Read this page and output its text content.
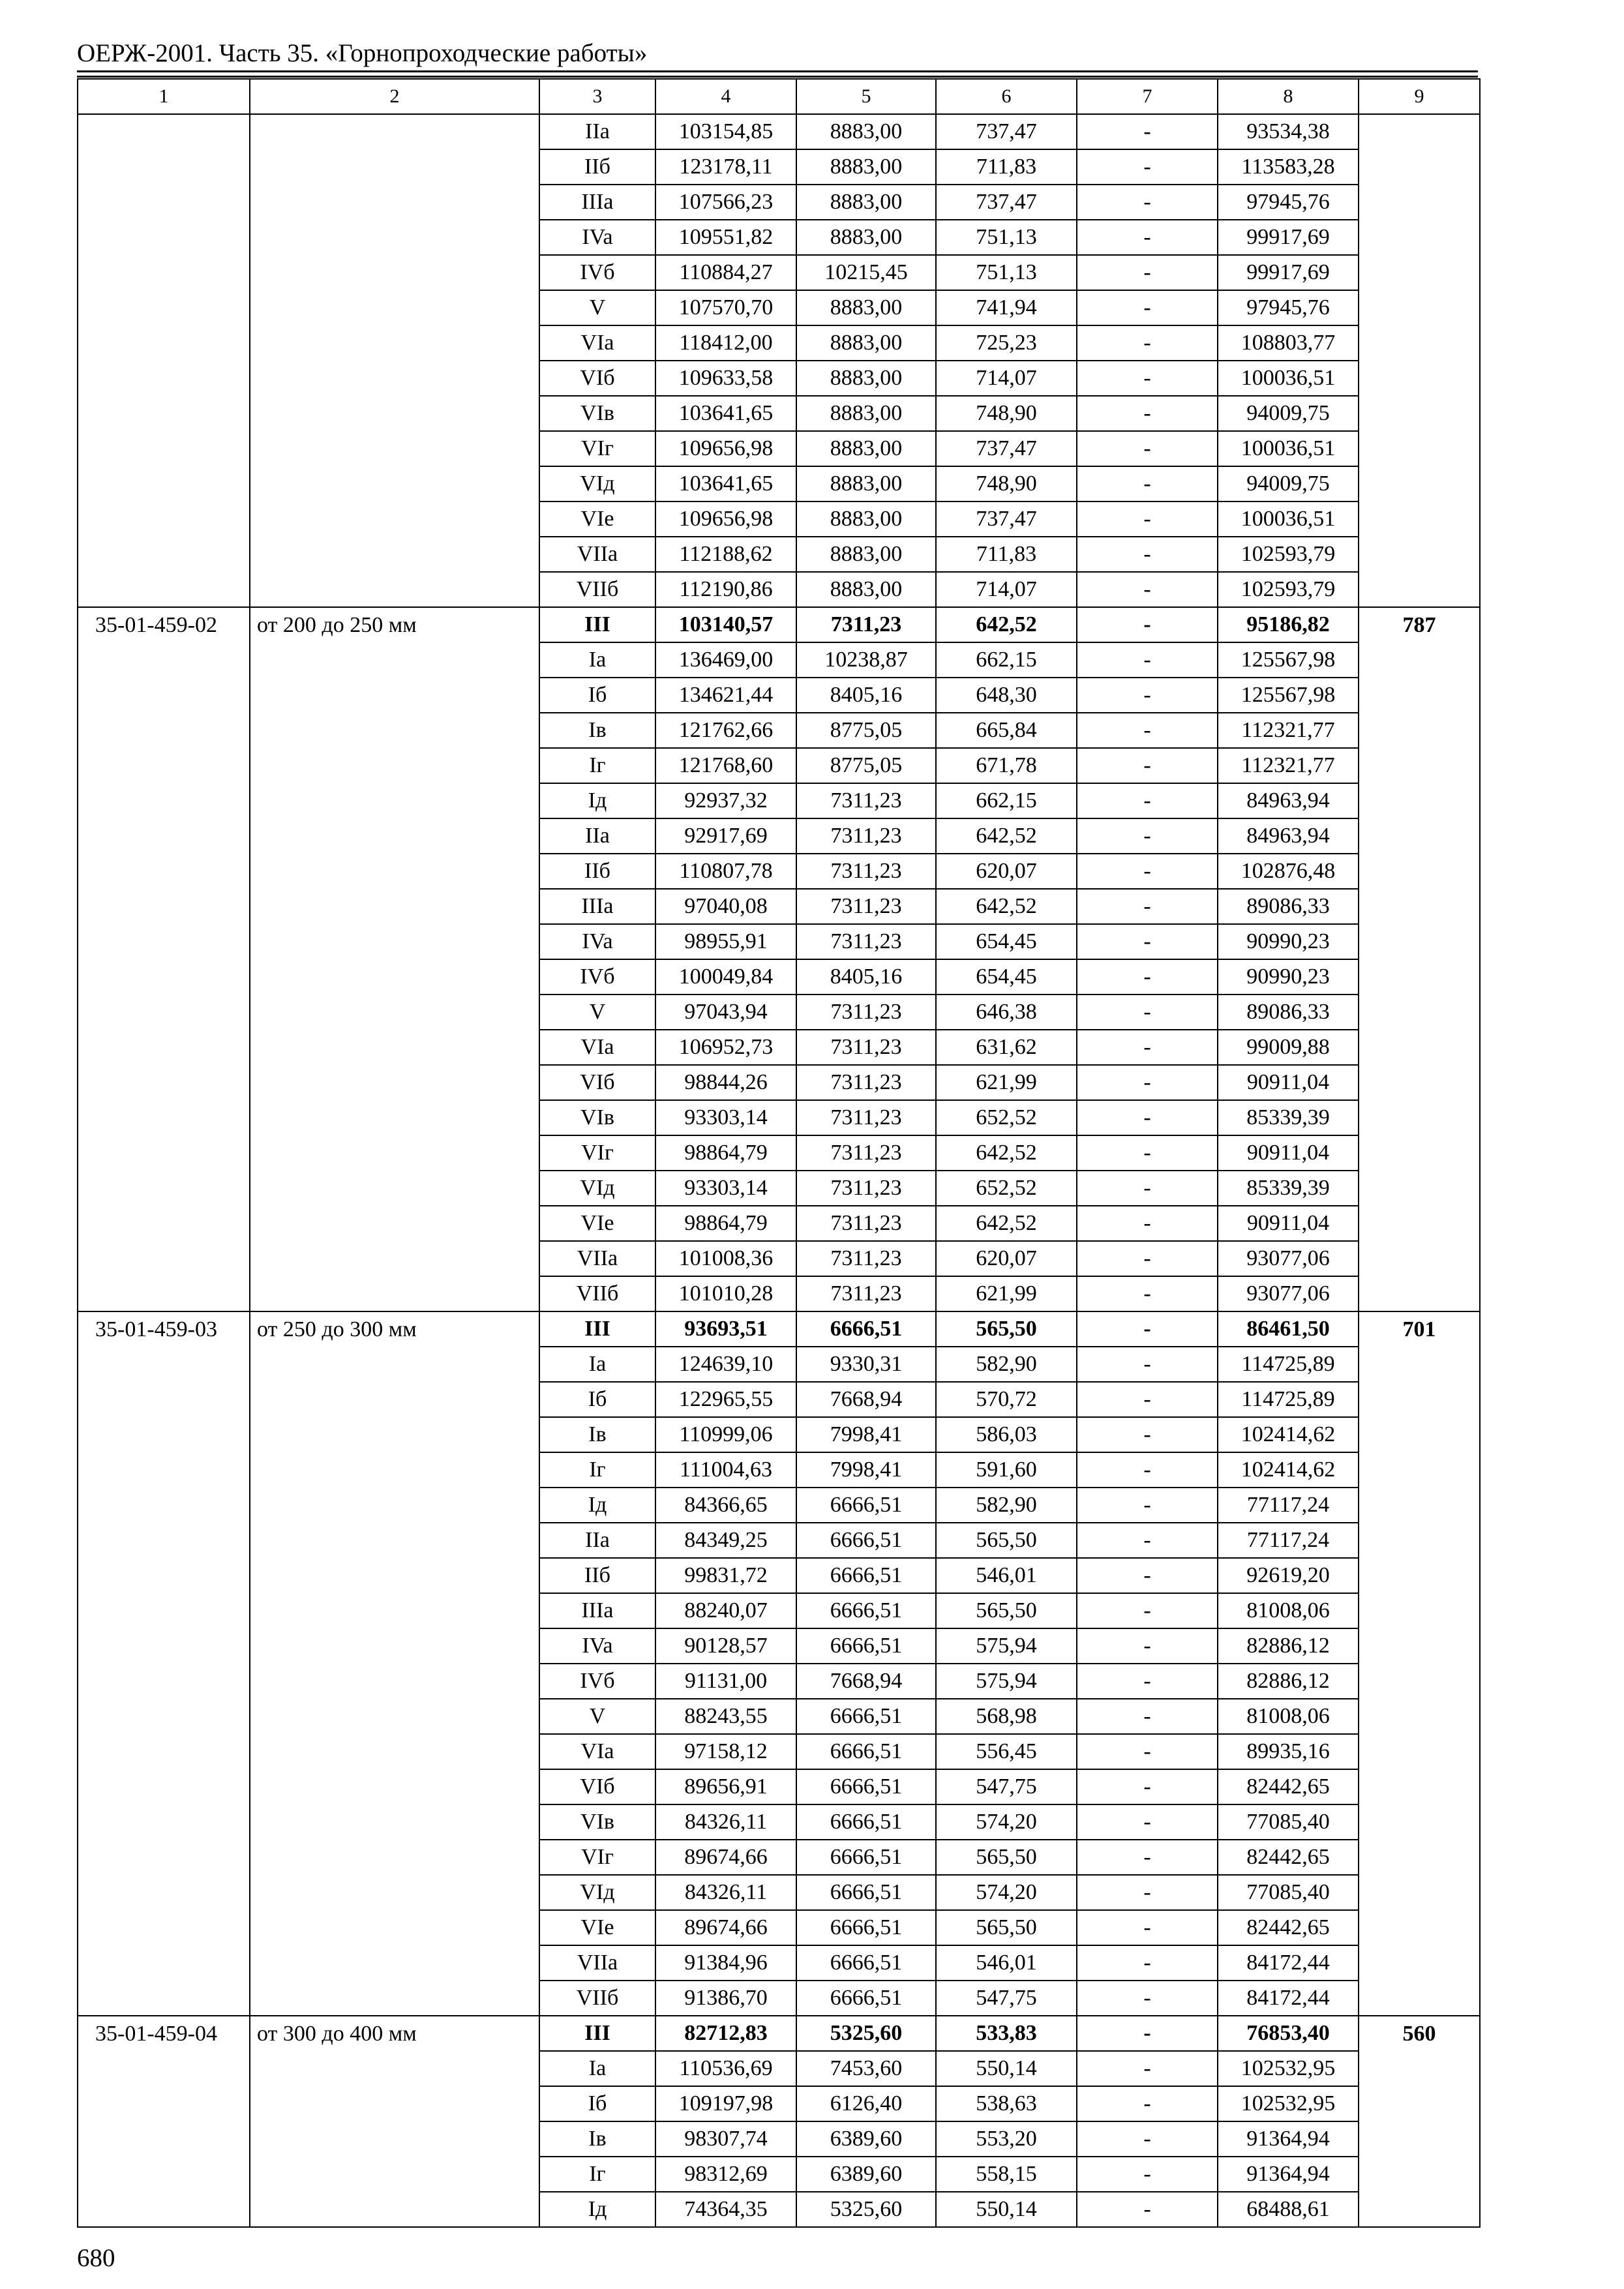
ОЕРЖ-2001. Часть 35. «Горнопроходческие работы»
1	2	3	4	5	6	7	8	9
		IIa	103154,85	8883,00	737,47	-	93534,38	
		IIб	123178,11	8883,00	711,83	-	113583,28	
		IIIa	107566,23	8883,00	737,47	-	97945,76	
		IVa	109551,82	8883,00	751,13	-	99917,69	
		IVб	110884,27	10215,45	751,13	-	99917,69	
		V	107570,70	8883,00	741,94	-	97945,76	
		VIa	118412,00	8883,00	725,23	-	108803,77	
		VIб	109633,58	8883,00	714,07	-	100036,51	
		VIв	103641,65	8883,00	748,90	-	94009,75	
		VIг	109656,98	8883,00	737,47	-	100036,51	
		VIд	103641,65	8883,00	748,90	-	94009,75	
		VIe	109656,98	8883,00	737,47	-	100036,51	
		VIIa	112188,62	8883,00	711,83	-	102593,79	
		VIIб	112190,86	8883,00	714,07	-	102593,79	
35-01-459-02	от 200 до 250 мм	III	103140,57	7311,23	642,52	-	95186,82	787
		Ia	136469,00	10238,87	662,15	-	125567,98	
		Iб	134621,44	8405,16	648,30	-	125567,98	
		Iв	121762,66	8775,05	665,84	-	112321,77	
		Iг	121768,60	8775,05	671,78	-	112321,77	
		Iд	92937,32	7311,23	662,15	-	84963,94	
		IIa	92917,69	7311,23	642,52	-	84963,94	
		IIб	110807,78	7311,23	620,07	-	102876,48	
		IIIa	97040,08	7311,23	642,52	-	89086,33	
		IVa	98955,91	7311,23	654,45	-	90990,23	
		IVб	100049,84	8405,16	654,45	-	90990,23	
		V	97043,94	7311,23	646,38	-	89086,33	
		VIa	106952,73	7311,23	631,62	-	99009,88	
		VIб	98844,26	7311,23	621,99	-	90911,04	
		VIв	93303,14	7311,23	652,52	-	85339,39	
		VIг	98864,79	7311,23	642,52	-	90911,04	
		VIд	93303,14	7311,23	652,52	-	85339,39	
		VIe	98864,79	7311,23	642,52	-	90911,04	
		VIIa	101008,36	7311,23	620,07	-	93077,06	
		VIIб	101010,28	7311,23	621,99	-	93077,06	
35-01-459-03	от 250 до 300 мм	III	93693,51	6666,51	565,50	-	86461,50	701
		Ia	124639,10	9330,31	582,90	-	114725,89	
		Iб	122965,55	7668,94	570,72	-	114725,89	
		Iв	110999,06	7998,41	586,03	-	102414,62	
		Iг	111004,63	7998,41	591,60	-	102414,62	
		Iд	84366,65	6666,51	582,90	-	77117,24	
		IIa	84349,25	6666,51	565,50	-	77117,24	
		IIб	99831,72	6666,51	546,01	-	92619,20	
		IIIa	88240,07	6666,51	565,50	-	81008,06	
		IVa	90128,57	6666,51	575,94	-	82886,12	
		IVб	91131,00	7668,94	575,94	-	82886,12	
		V	88243,55	6666,51	568,98	-	81008,06	
		VIa	97158,12	6666,51	556,45	-	89935,16	
		VIб	89656,91	6666,51	547,75	-	82442,65	
		VIв	84326,11	6666,51	574,20	-	77085,40	
		VIг	89674,66	6666,51	565,50	-	82442,65	
		VIд	84326,11	6666,51	574,20	-	77085,40	
		VIe	89674,66	6666,51	565,50	-	82442,65	
		VIIa	91384,96	6666,51	546,01	-	84172,44	
		VIIб	91386,70	6666,51	547,75	-	84172,44	
35-01-459-04	от 300 до 400 мм	III	82712,83	5325,60	533,83	-	76853,40	560
		Ia	110536,69	7453,60	550,14	-	102532,95	
		Iб	109197,98	6126,40	538,63	-	102532,95	
		Iв	98307,74	6389,60	553,20	-	91364,94	
		Iг	98312,69	6389,60	558,15	-	91364,94	
		Iд	74364,35	5325,60	550,14	-	68488,61	
680
